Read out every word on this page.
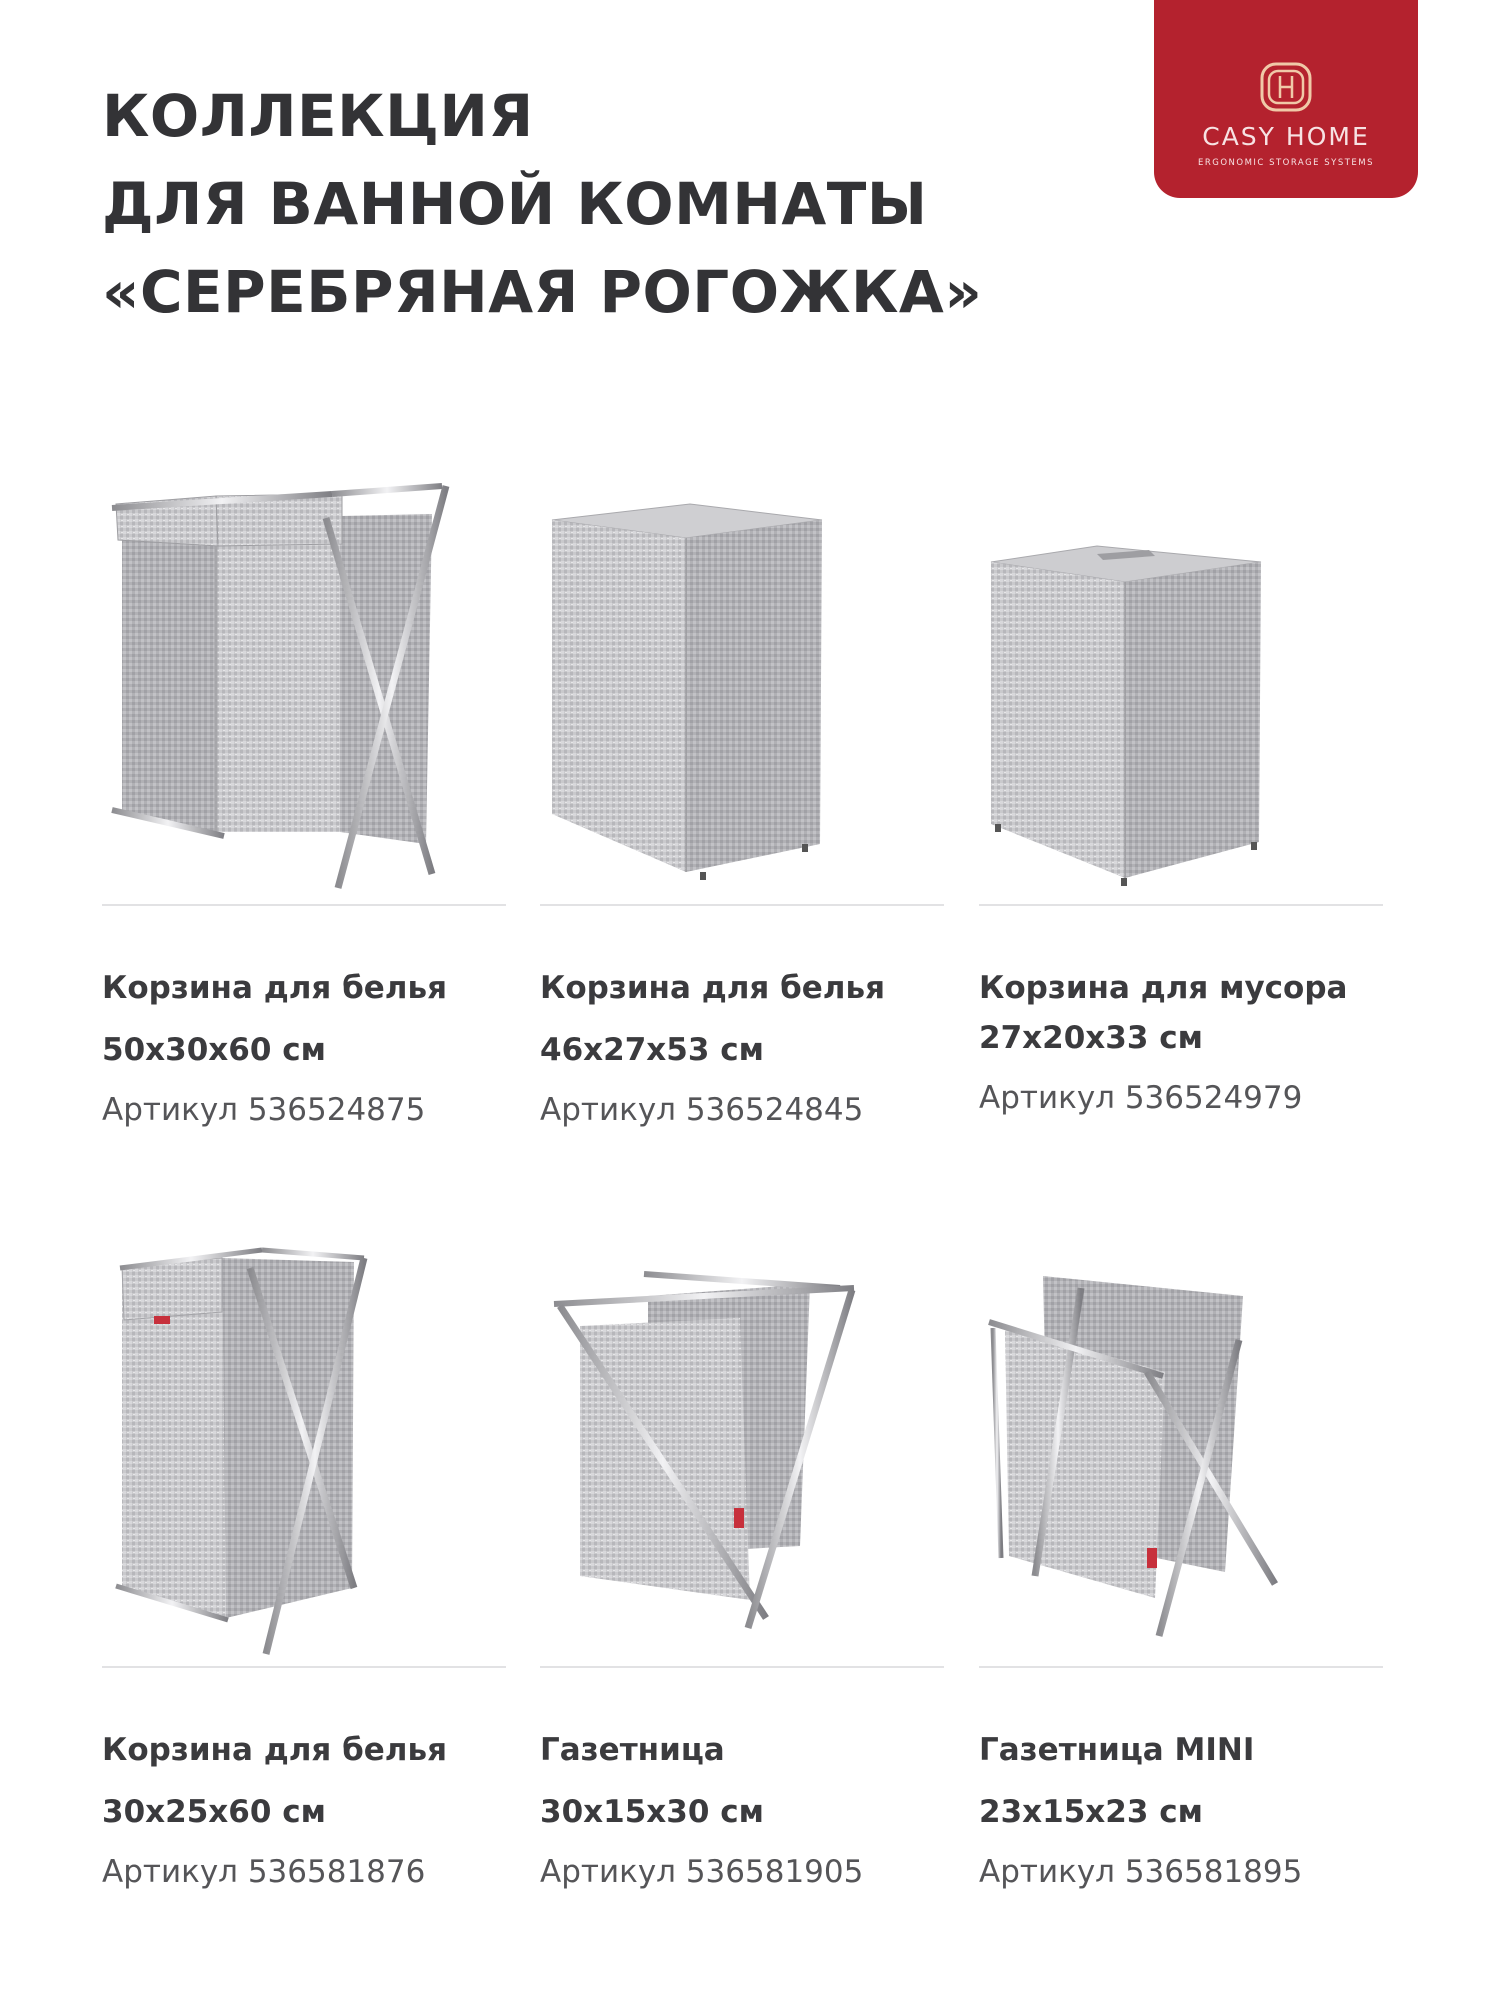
КОЛЛЕКЦИЯ
ДЛЯ ВАННОЙ КОМНАТЫ
«СЕРЕБРЯНАЯ РОГОЖКА»
CASY HOME
ERGONOMIC STORAGE SYSTEMS
Корзина для белья
50x30x60 см
Артикул 536524875
Корзина для белья
46x27x53 см
Артикул 536524845
Корзина для мусора
27x20x33 см
Артикул 536524979
Корзина для белья
30x25x60 см
Артикул 536581876
Газетница
30x15x30 см
Артикул 536581905
Газетница MINI
23x15x23 см
Артикул 536581895
